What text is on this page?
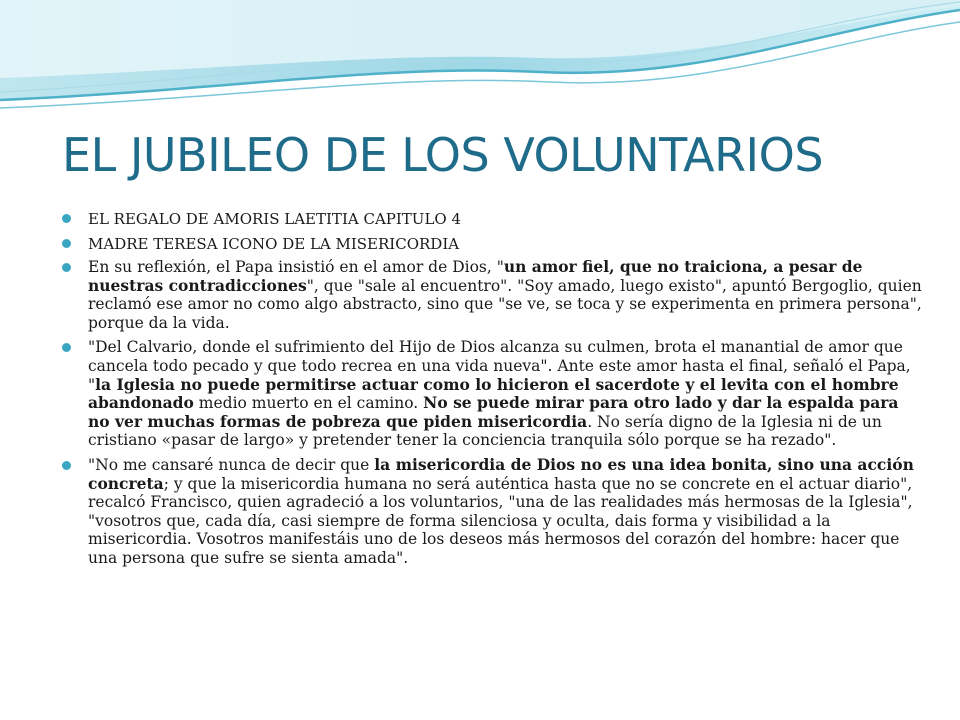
EL JUBILEO DE LOS VOLUNTARIOS
EL REGALO DE AMORIS LAETITIA CAPITULO 4
MADRE TERESA ICONO DE LA MISERICORDIA
En su reflexión, el Papa insistió en el amor de Dios, "un amor fiel, que no traiciona, a pesar de nuestras contradicciones", que "sale al encuentro". "Soy amado, luego existo", apuntó Bergoglio, quien reclamó ese amor no como algo abstracto, sino que "se ve, se toca y se experimenta en primera persona", porque da la vida.
"Del Calvario, donde el sufrimiento del Hijo de Dios alcanza su culmen, brota el manantial de amor que cancela todo pecado y que todo recrea en una vida nueva". Ante este amor hasta el final, señaló el Papa, "la Iglesia no puede permitirse actuar como lo hicieron el sacerdote y el levita con el hombre abandonado medio muerto en el camino. No se puede mirar para otro lado y dar la espalda para no ver muchas formas de pobreza que piden misericordia. No sería digno de la Iglesia ni de un cristiano «pasar de largo» y pretender tener la conciencia tranquila sólo porque se ha rezado".
"No me cansaré nunca de decir que la misericordia de Dios no es una idea bonita, sino una acción concreta; y que la misericordia humana no será auténtica hasta que no se concrete en el actuar diario", recalcó Francisco, quien agradeció a los voluntarios, "una de las realidades más hermosas de la Iglesia", "vosotros que, cada día, casi siempre de forma silenciosa y oculta, dais forma y visibilidad a la misericordia. Vosotros manifestáis uno de los deseos más hermosos del corazón del hombre: hacer que una persona que sufre se sienta amada".
